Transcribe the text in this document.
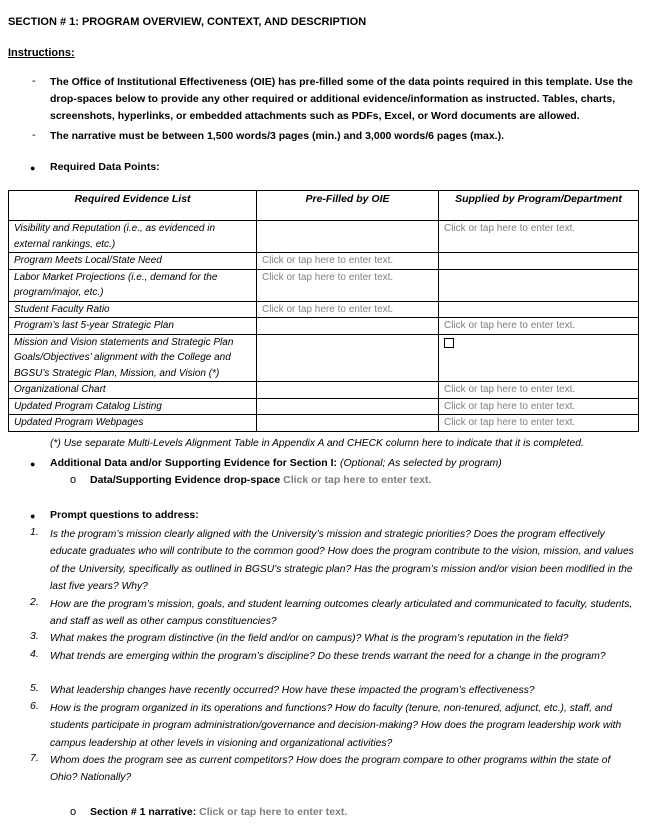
SECTION # 1: PROGRAM OVERVIEW, CONTEXT, AND DESCRIPTION
Instructions:
- The Office of Institutional Effectiveness (OIE) has pre-filled some of the data points required in this template. Use the drop-spaces below to provide any other required or additional evidence/information as instructed. Tables, charts, screenshots, hyperlinks, or embedded attachments such as PDFs, Excel, or Word documents are allowed.
- The narrative must be between 1,500 words/3 pages (min.) and 3,000 words/6 pages (max.).
● Required Data Points:
Required Evidence List	Pre-Filled by OIE	Supplied by Program/Department
Visibility and Reputation (i.e., as evidenced in external rankings, etc.)		Click or tap here to enter text.
Program Meets Local/State Need	Click or tap here to enter text.	
Labor Market Projections (i.e., demand for the program/major, etc.)	Click or tap here to enter text.	
Student Faculty Ratio	Click or tap here to enter text.	
Program’s last 5-year Strategic Plan		Click or tap here to enter text.
Mission and Vision statements and Strategic Plan Goals/Objectives’ alignment with the College and BGSU’s Strategic Plan, Mission, and Vision (*)		
Organizational Chart		Click or tap here to enter text.
Updated Program Catalog Listing		Click or tap here to enter text.
Updated Program Webpages		Click or tap here to enter text.
(*) Use separate Multi-Levels Alignment Table in Appendix A and CHECK column here to indicate that it is completed.
● Additional Data and/or Supporting Evidence for Section I: (Optional; As selected by program)
o Data/Supporting Evidence drop-space Click or tap here to enter text.
● Prompt questions to address:
1. Is the program’s mission clearly aligned with the University’s mission and strategic priorities? Does the program effectively educate graduates who will contribute to the common good? How does the program contribute to the vision, mission, and values of the University, specifically as outlined in BGSU’s strategic plan? Has the program’s mission and/or vision been modified in the last five years? Why?
2. How are the program’s mission, goals, and student learning outcomes clearly articulated and communicated to faculty, students, and staff as well as other campus constituencies?
3. What makes the program distinctive (in the field and/or on campus)? What is the program’s reputation in the field?
4. What trends are emerging within the program’s discipline? Do these trends warrant the need for a change in the program?
5. What leadership changes have recently occurred? How have these impacted the program’s effectiveness?
6. How is the program organized in its operations and functions? How do faculty (tenure, non-tenured, adjunct, etc.), staff, and students participate in program administration/governance and decision-making? How does the program leadership work with campus leadership at other levels in visioning and organizational activities?
7. Whom does the program see as current competitors? How does the program compare to other programs within the state of Ohio? Nationally?
o Section # 1 narrative: Click or tap here to enter text.
